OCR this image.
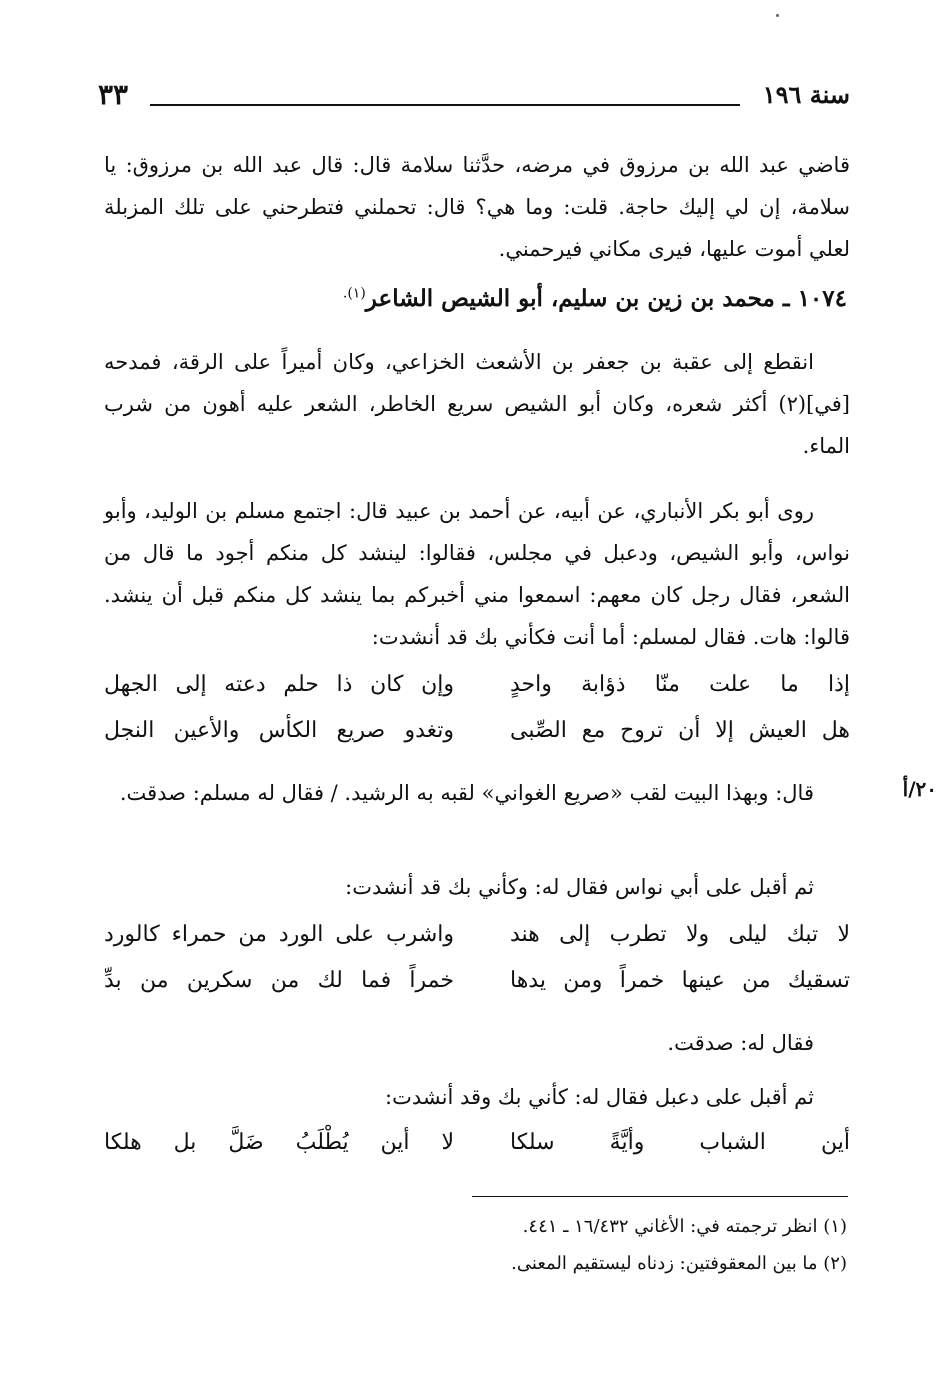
سنة ١٩٦
٣٣

قاضي عبد الله بن مرزوق في مرضه، حدَّثنا سلامة قال: قال عبد الله بن مرزوق: يا سلامة، إن لي إليك حاجة. قلت: وما هي؟ قال: تحملني فتطرحني على تلك المزبلة لعلي أموت عليها، فيرى مكاني فيرحمني.

١٠٧٤ ـ محمد بن زين بن سليم، أبو الشيص الشاعر$^{(١).}$

انقطع إلى عقبة بن جعفر بن الأشعث الخزاعي، وكان أميراً على الرقة، فمدحه [في](٢) أكثر شعره، وكان أبو الشيص سريع الخاطر، الشعر عليه أهون من شرب الماء.

روى أبو بكر الأنباري، عن أبيه، عن أحمد بن عبيد قال: اجتمع مسلم بن الوليد، وأبو نواس، وأبو الشيص، ودعبل في مجلس، فقالوا: لينشد كل منكم أجود ما قال من الشعر، فقال رجل كان معهم: اسمعوا مني أخبركم بما ينشد كل منكم قبل أن ينشد. قالوا: هات. فقال لمسلم: أما أنت فكأني بك قد أنشدت:

إذا ما علت منّا ذؤابة واحدٍ
وإن كان ذا حلم دعته إلى الجهل
هل العيش إلا أن تروح مع الصِّبى
وتغدو صريع الكأس والأعين النجل

قال: وبهذا البيت لقب «صريع الغواني» لقبه به الرشيد. / فقال له مسلم: صدقت.	٢٠/أ

ثم أقبل على أبي نواس فقال له: وكأني بك قد أنشدت:

لا تبك ليلى ولا تطرب إلى هند
واشرب على الورد من حمراء كالورد
تسقيك من عينها خمراً ومن يدها
خمراً فما لك من سكرين من بدِّ

فقال له: صدقت.

ثم أقبل على دعبل فقال له: كأني بك وقد أنشدت:

أين الشباب وأيَّةً سلكا
لا أين يُطْلَبُ ضَلَّ بل هلكا
(١) انظر ترجمته في: الأغاني ١٦/٤٣٢ ـ ٤٤١.
(٢) ما بين المعقوفتين: زدناه ليستقيم المعنى.
